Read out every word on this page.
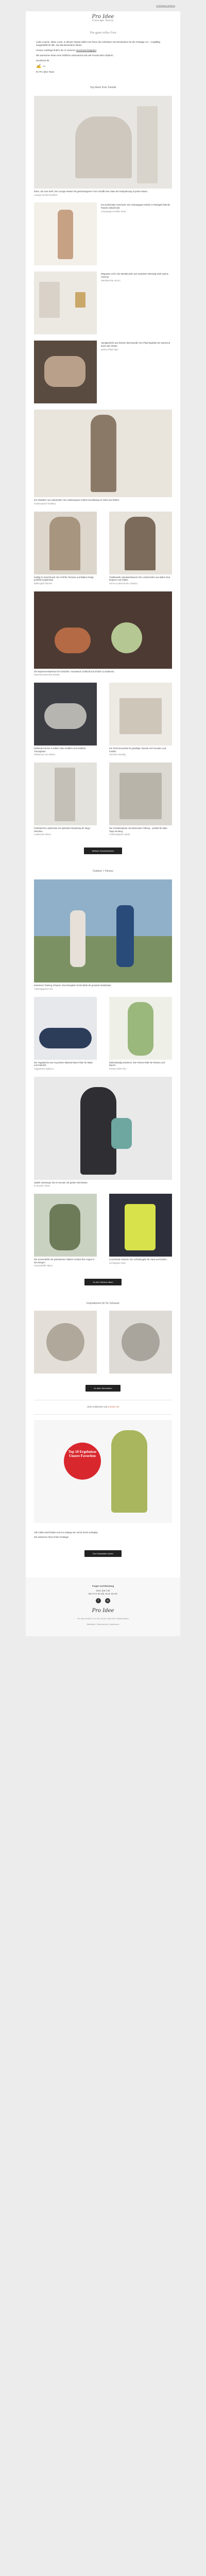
Im Browser ansehen
Pro Idee
Concept Store
Ein ganz tolles Fest

Liebe Leserin, lieber Leser, in diesem Monat stellen wir Ihnen die schönsten Geschenkideen für die Festtage vor – sorgfältig ausgewählt für alle, die das Besondere lieben.

Unsere Lieblinge finden Sie in unserem Geschenk-Ratgeber

Wir wünschen Ihnen eine fröhliche Adventszeit und viel Freude beim Stöbern.

Herzlichst Ihr

✍ ~

Ihr Pro-Idee-Team

Top Ideen Ihrer Familie
Ruhe, die man sieht: Der Lounge-Sessel mit geschwungener Form schafft eine Oase der Entspannung in jedem Raum.
Lounge-Sessel Nordlicht
Ein prickelndes Geschenk: Der Champagner-Kühler in Roségold hält die Flasche stilvoll kühl.
Champagner-Kühler Rosé
Elegantes Licht: Die Wandleuchte aus massivem Messing setzt warme Akzente.
Wandleuchte Aurum
Handgestrickt aus feinster Merinowolle: Der Plaid begleitet Sie wärmend durch den Winter.
Merino-Plaid Alpin
Ein Klassiker neu interpretiert: Die Outdoorjacke schützt zuverlässig vor Wind und Wetter.
Outdoorjacke Nordkap
Kräftig im Geschmack: Der Grill für Terrasse und Balkon bringt perfekte Ergebnisse.
Balkongrill Flamme
Traditionelle Handwerkskunst: Die Lederschuhe aus Italien sind bequem und zeitlos.
Herren-Lederschuhe Classico
Die Espresso-Maschine für Genießer: Aromatisch, kraftvoll und einfach zu bedienen.
Espressomaschine Barista
Duftende Kerzen in edlem Glas schaffen eine festliche Atmosphäre.
Duftkerzen-Set Winter
Ein Tisch-Ensemble für gesellige Abende mit Freunden und Familie.
Tischset Gesellig
Federleichte Laufschuhe mit optimaler Dämpfung für lange Strecken.
Laufschuh AirRun
Die Funktionsjacke mit wärmender Füllung – perfekt für kalte Tage am Berg.
Funktionsjacke Gipfel
Weitere Geschenkideen
Outdoor + Fitness
Intensives Training zuhause: Das kompakte Gerät stärkt die gesamte Muskulatur.
Trainingsgerät Core
Die Yogatasche aus recyceltem Material bietet Platz für Matte und Zubehör.
Yogatasche Balance
Bodenständig trainieren: Die Fitness-Rolle für Rücken und Bauch.
Fitness-Rolle Flex
Stylish unterwegs: Der E-Scooter mit großer Reichweite.
E-Scooter Urban
Die Sonnenbrille mit polarisierten Gläsern schützt Ihre Augen in den Bergen.
Sonnenbrille Alpina
Leuchtende Akzente: Die Lichterkugeln für Haus und Garten.
Lichtkugeln Glow
Zu den Outdoor-Ideen
Inspirationen für Ihr Zuhause
Zu allen Wohnideen
Jetzt entdecken auf proidee.de
Top 10 Ergebnisse Unsere Favoriten

Alle Artikel sind limitiert und nur solange der Vorrat reicht verfügbar.

Wir wünschen Ihnen frohe Festtage!

Zum Newsletter-Archiv
Fragen und Beratung
0241 109 1 92
Mo–Fr 8–20 Uhr, Sa 9–16 Uhr
f	◎
Pro Idee
Pro Idee GmbH & Co. KG, Auf der Hüls 205, 52068 Aachen
Abmelden | Datenschutz | Impressum
